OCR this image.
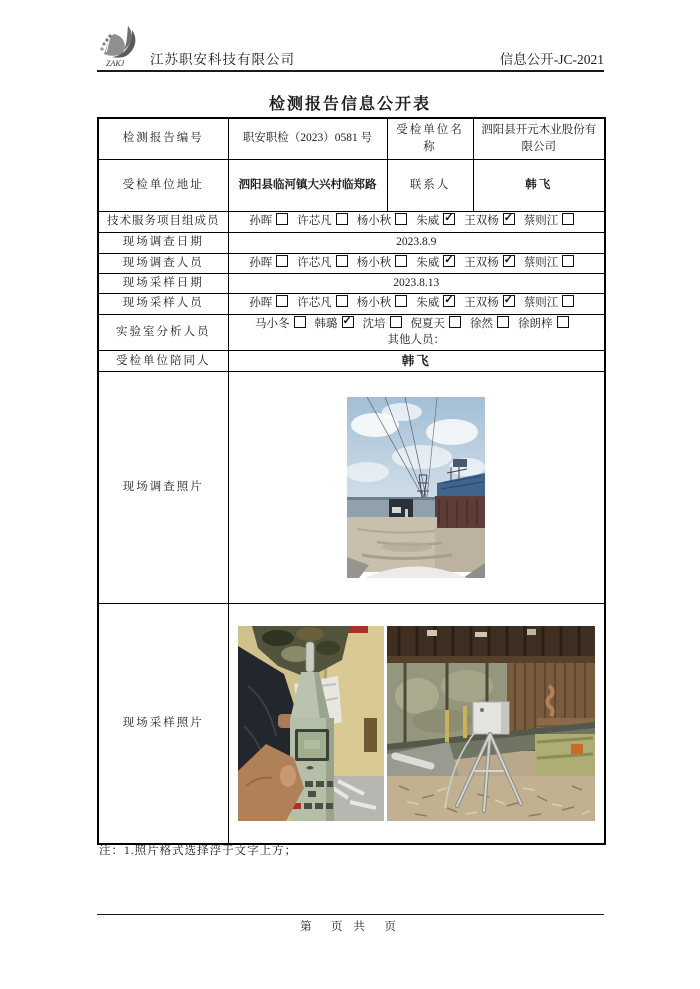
ZAKJ 江苏职安科技有限公司	信息公开-JC-2021
检测报告信息公开表
检测报告编号	职安职检（2023）0581 号	受检单位名称	泗阳县开元木业股份有限公司
受检单位地址	泗阳县临河镇大兴村临郑路	联系人	韩飞
技术服务项目组成员	孙晖 许芯凡 杨小秋 朱威 ✓ 王双杨✓ 蔡则江
现场调查日期	2023.8.9		
现场调查人员	孙晖 许芯凡 杨小秋 朱威 ✓ 王双杨✓ 蔡则江
现场采样日期	2023.8.13		
现场采样人员	孙晖 许芯凡 杨小秋 朱威 ✓ 王双杨✓ 蔡则江
实验室分析人员	马小冬 韩璐 ✓ 沈培 倪夏天 徐然 徐朗梓
其他人员：

受检单位陪同人	韩飞		
现场调查照片	

现场采样照片	
注：1.照片格式选择浮于文字上方；
第　页 共　页
